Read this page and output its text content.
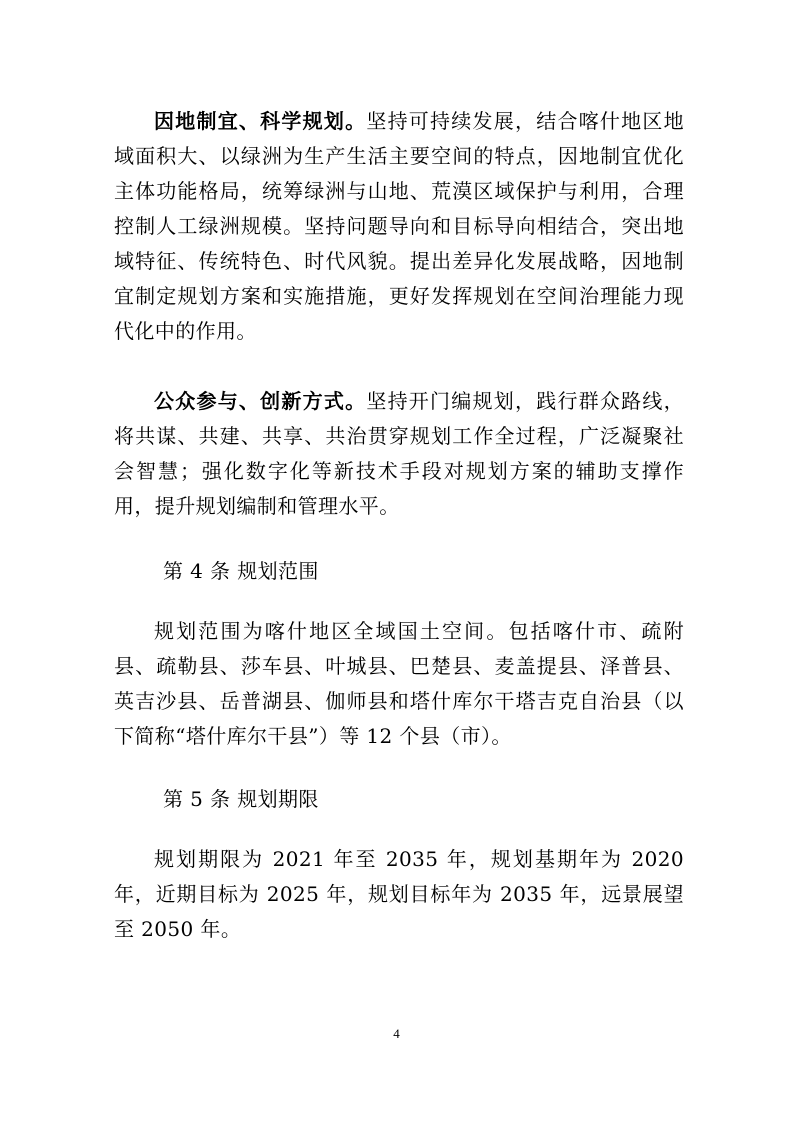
因地制宜、科学规划。坚持可持续发展，结合喀什地区地域面积大、以绿洲为生产生活主要空间的特点，因地制宜优化主体功能格局，统筹绿洲与山地、荒漠区域保护与利用，合理控制人工绿洲规模。坚持问题导向和目标导向相结合，突出地域特征、传统特色、时代风貌。提出差异化发展战略，因地制宜制定规划方案和实施措施，更好发挥规划在空间治理能力现代化中的作用。

公众参与、创新方式。坚持开门编规划，践行群众路线，将共谋、共建、共享、共治贯穿规划工作全过程，广泛凝聚社会智慧；强化数字化等新技术手段对规划方案的辅助支撑作用，提升规划编制和管理水平。

第 4 条 规划范围

规划范围为喀什地区全域国土空间。包括喀什市、疏附县、疏勒县、莎车县、叶城县、巴楚县、麦盖提县、泽普县、英吉沙县、岳普湖县、伽师县和塔什库尔干塔吉克自治县（以下简称“塔什库尔干县”）等 12 个县（市）。

第 5 条 规划期限

规划期限为 2021 年至 2035 年，规划基期年为 2020 年，近期目标为 2025 年，规划目标年为 2035 年，远景展望至 2050 年。

4
